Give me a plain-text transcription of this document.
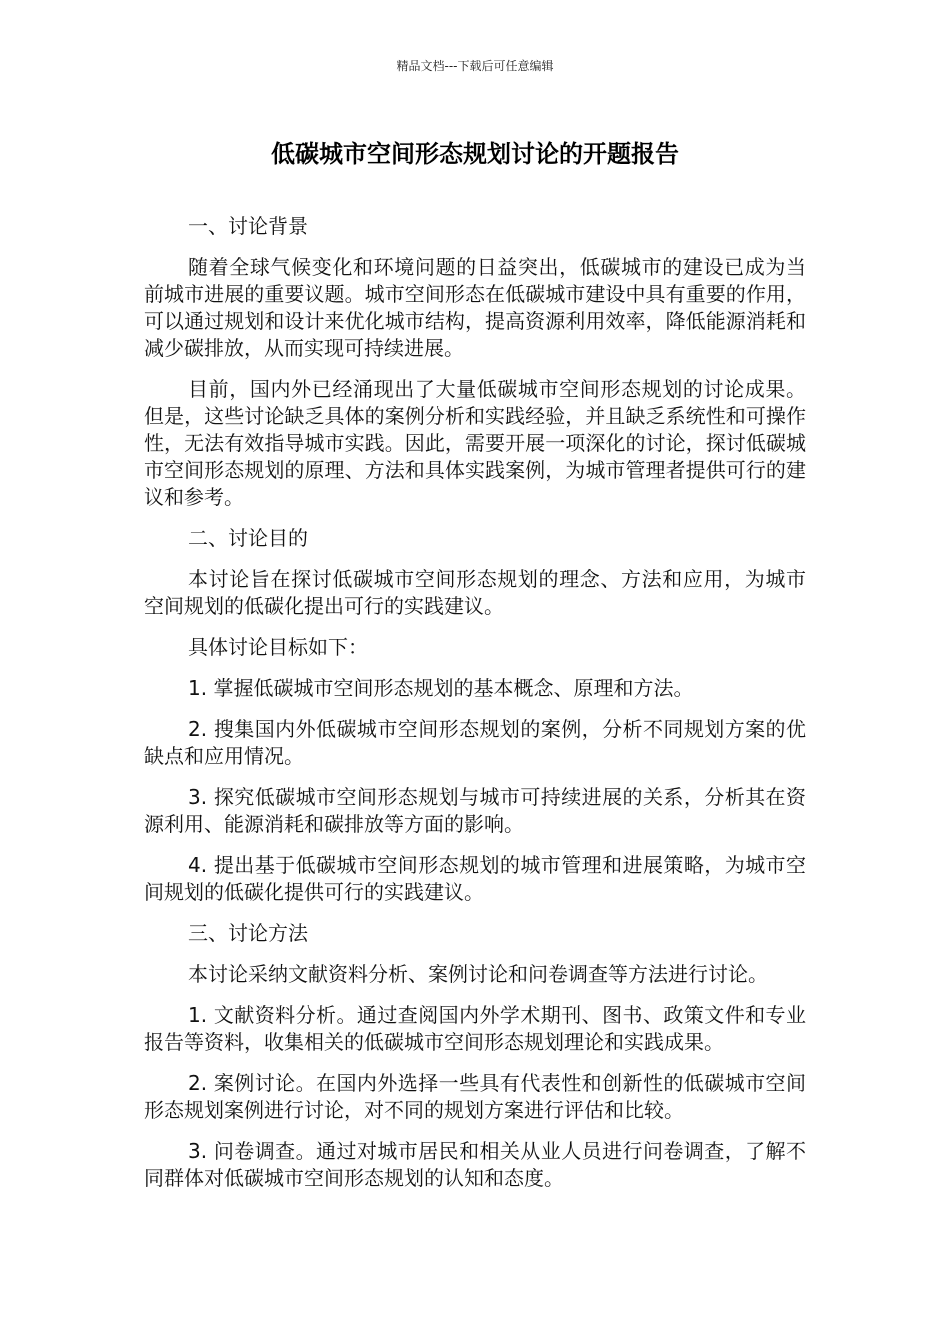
精品文档---下载后可任意编辑
低碳城市空间形态规划讨论的开题报告

一、讨论背景

随着全球气候变化和环境问题的日益突出，低碳城市的建设已成为当前城市进展的重要议题。城市空间形态在低碳城市建设中具有重要的作用，可以通过规划和设计来优化城市结构，提高资源利用效率，降低能源消耗和减少碳排放，从而实现可持续进展。

目前，国内外已经涌现出了大量低碳城市空间形态规划的讨论成果。但是，这些讨论缺乏具体的案例分析和实践经验，并且缺乏系统性和可操作性，无法有效指导城市实践。因此，需要开展一项深化的讨论，探讨低碳城市空间形态规划的原理、方法和具体实践案例，为城市管理者提供可行的建议和参考。

二、讨论目的

本讨论旨在探讨低碳城市空间形态规划的理念、方法和应用，为城市空间规划的低碳化提出可行的实践建议。

具体讨论目标如下：

1. 掌握低碳城市空间形态规划的基本概念、原理和方法。

2. 搜集国内外低碳城市空间形态规划的案例，分析不同规划方案的优缺点和应用情况。

3. 探究低碳城市空间形态规划与城市可持续进展的关系，分析其在资源利用、能源消耗和碳排放等方面的影响。

4. 提出基于低碳城市空间形态规划的城市管理和进展策略，为城市空间规划的低碳化提供可行的实践建议。

三、讨论方法

本讨论采纳文献资料分析、案例讨论和问卷调查等方法进行讨论。

1. 文献资料分析。通过查阅国内外学术期刊、图书、政策文件和专业报告等资料，收集相关的低碳城市空间形态规划理论和实践成果。

2. 案例讨论。在国内外选择一些具有代表性和创新性的低碳城市空间形态规划案例进行讨论，对不同的规划方案进行评估和比较。

3. 问卷调查。通过对城市居民和相关从业人员进行问卷调查，了解不同群体对低碳城市空间形态规划的认知和态度。
